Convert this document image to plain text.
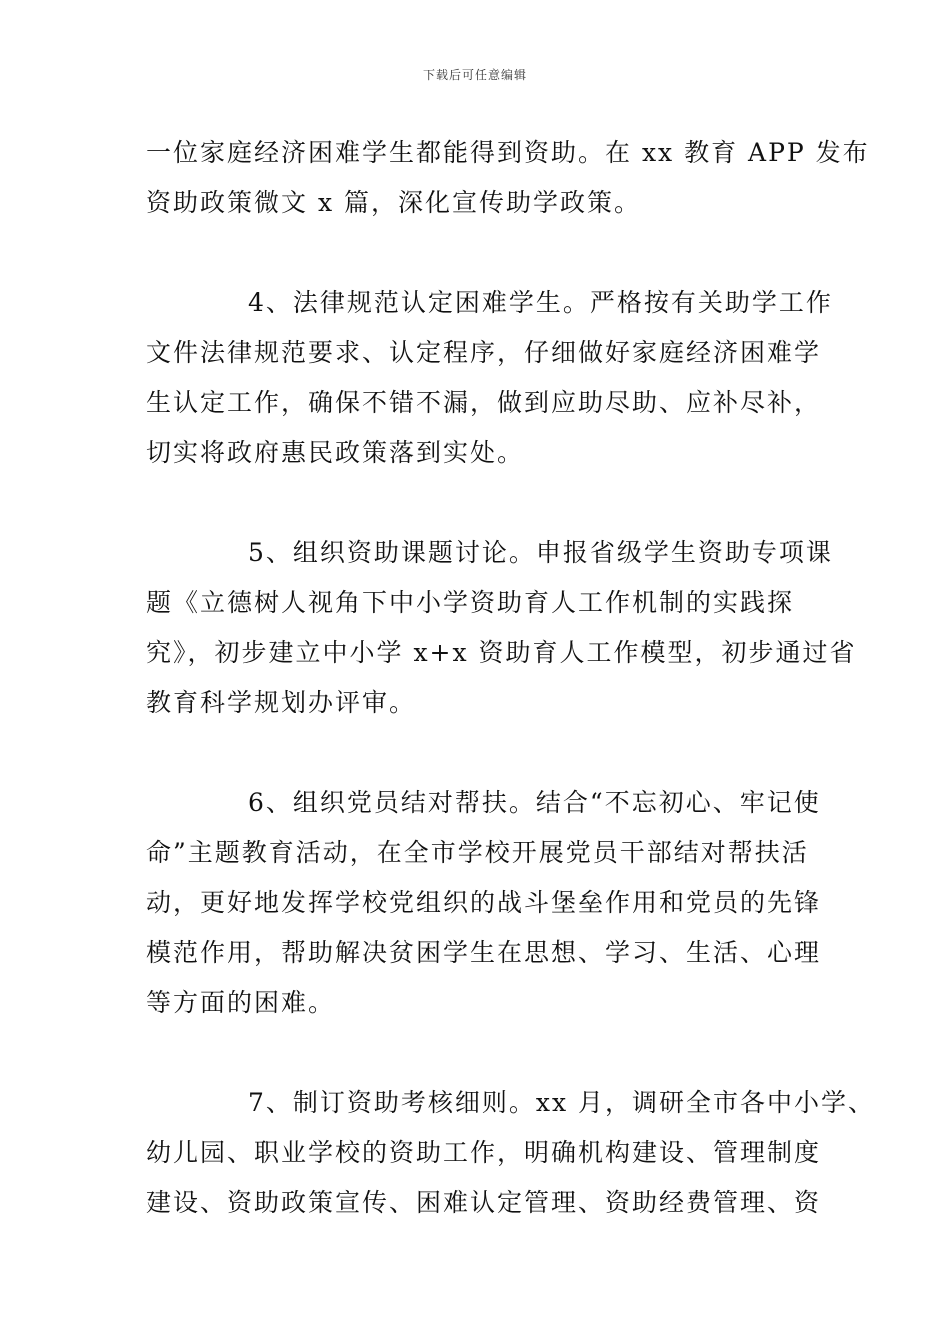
下载后可任意编辑

一位家庭经济困难学生都能得到资助。在 xx 教育 APP 发布
资助政策微文 x 篇，深化宣传助学政策。

4、法律规范认定困难学生。严格按有关助学工作
文件法律规范要求、认定程序，仔细做好家庭经济困难学
生认定工作，确保不错不漏，做到应助尽助、应补尽补，
切实将政府惠民政策落到实处。

5、组织资助课题讨论。申报省级学生资助专项课
题《立德树人视角下中小学资助育人工作机制的实践探
究》，初步建立中小学 x+x 资助育人工作模型，初步通过省
教育科学规划办评审。

6、组织党员结对帮扶。结合“不忘初心、牢记使
命”主题教育活动，在全市学校开展党员干部结对帮扶活
动，更好地发挥学校党组织的战斗堡垒作用和党员的先锋
模范作用，帮助解决贫困学生在思想、学习、生活、心理
等方面的困难。

7、制订资助考核细则。xx 月，调研全市各中小学、
幼儿园、职业学校的资助工作，明确机构建设、管理制度
建设、资助政策宣传、困难认定管理、资助经费管理、资
